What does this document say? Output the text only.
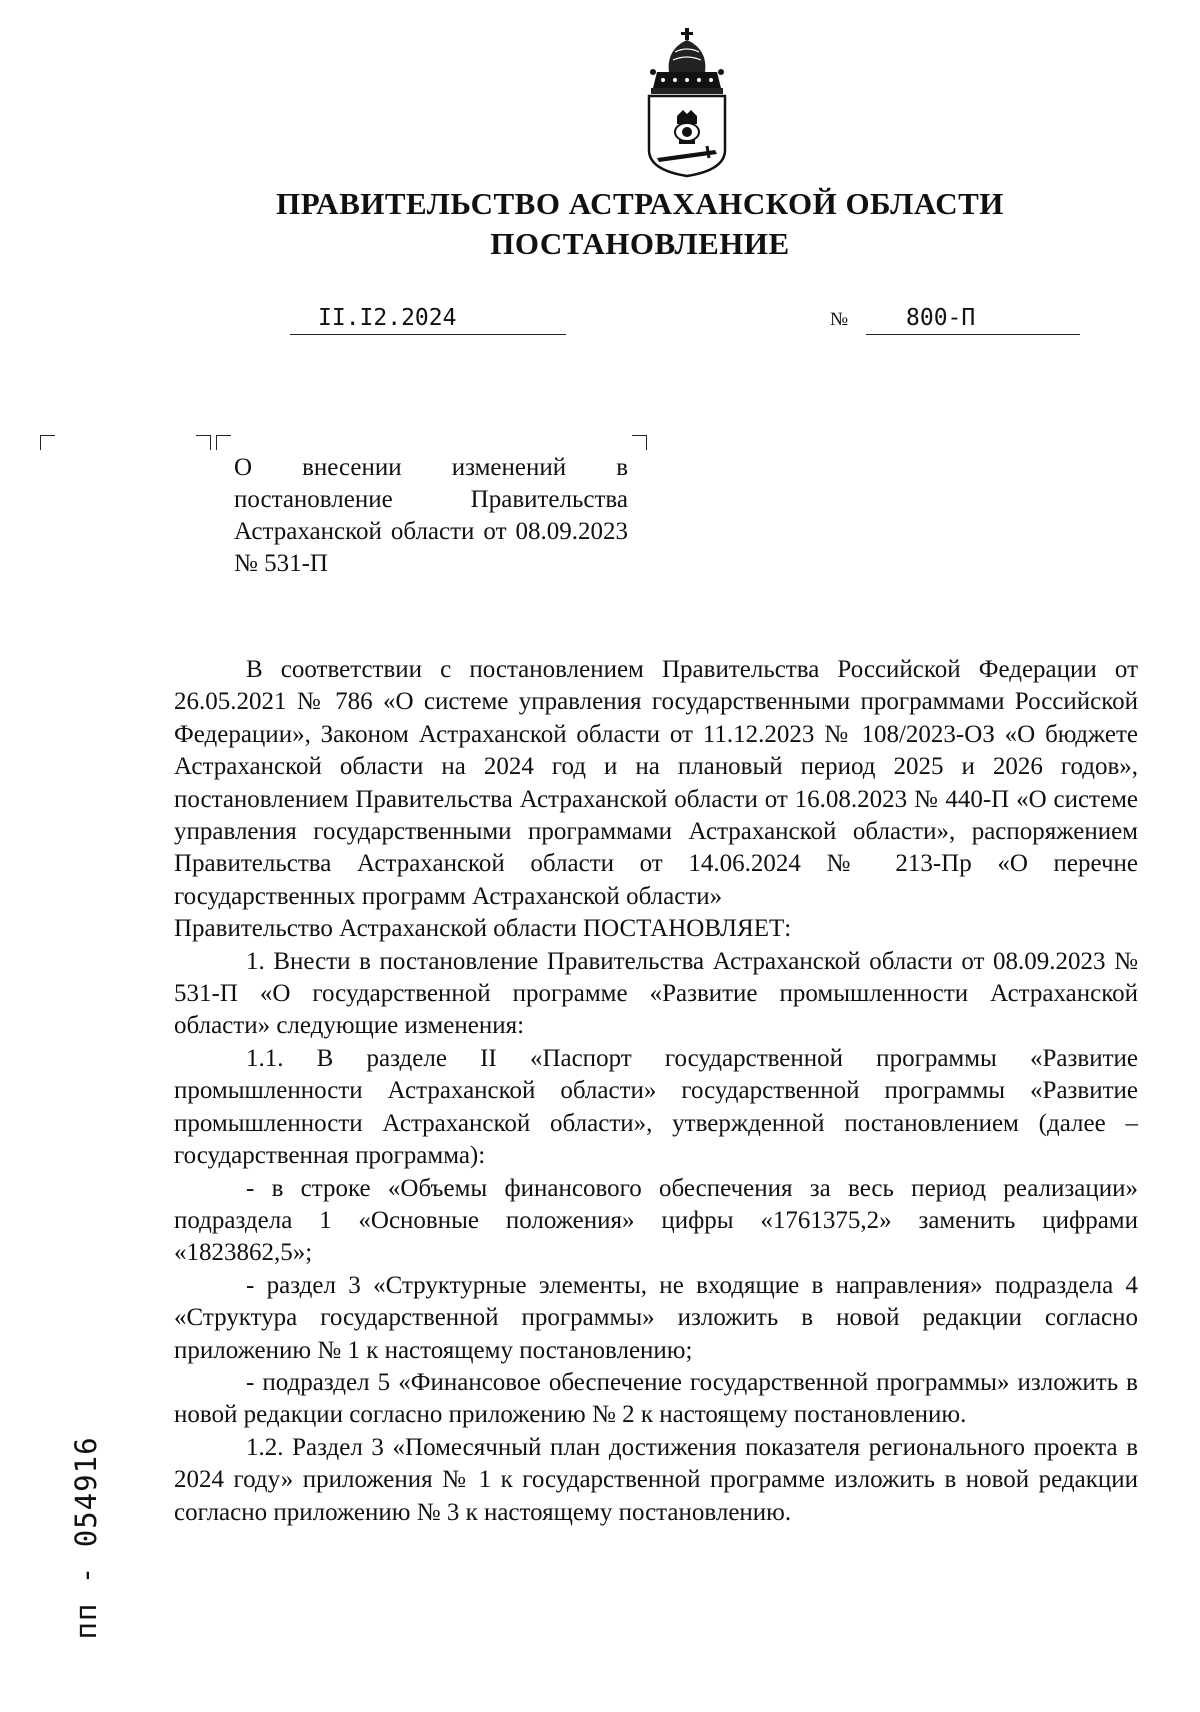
ПРАВИТЕЛЬСТВО АСТРАХАНСКОЙ ОБЛАСТИ
ПОСТАНОВЛЕНИЕ
II.I2.2024	№	800-П
О внесении изменений в постановление Правительства Астраханской области от 08.09.2023 № 531-П

В соответствии с постановлением Правительства Российской Федерации от 26.05.2021 № 786 «О системе управления государственными программами Российской Федерации», Законом Астраханской области от 11.12.2023 № 108/2023-ОЗ «О бюджете Астраханской области на 2024 год и на плановый период 2025 и 2026 годов», постановлением Правительства Астраханской области от 16.08.2023 № 440-П «О системе управления государственными программами Астраханской области», распоряжением Правительства Астраханской области от 14.06.2024 № 213-Пр «О перечне государственных программ Астраханской области»

Правительство Астраханской области ПОСТАНОВЛЯЕТ:

1. Внести в постановление Правительства Астраханской области от 08.09.2023 № 531-П «О государственной программе «Развитие промышленности Астраханской области» следующие изменения:

1.1. В разделе II «Паспорт государственной программы «Развитие промышленности Астраханской области» государственной программы «Развитие промышленности Астраханской области», утвержденной постановлением (далее – государственная программа):

- в строке «Объемы финансового обеспечения за весь период реализации» подраздела 1 «Основные положения» цифры «1761375,2» заменить цифрами «1823862,5»;

- раздел 3 «Структурные элементы, не входящие в направления» подраздела 4 «Структура государственной программы» изложить в новой редакции согласно приложению № 1 к настоящему постановлению;

- подраздел 5 «Финансовое обеспечение государственной программы» изложить в новой редакции согласно приложению № 2 к настоящему постановлению.

1.2. Раздел 3 «Помесячный план достижения показателя регионального проекта в 2024 году» приложения № 1 к государственной программе изложить в новой редакции согласно приложению № 3 к настоящему постановлению.

пп - 054916
